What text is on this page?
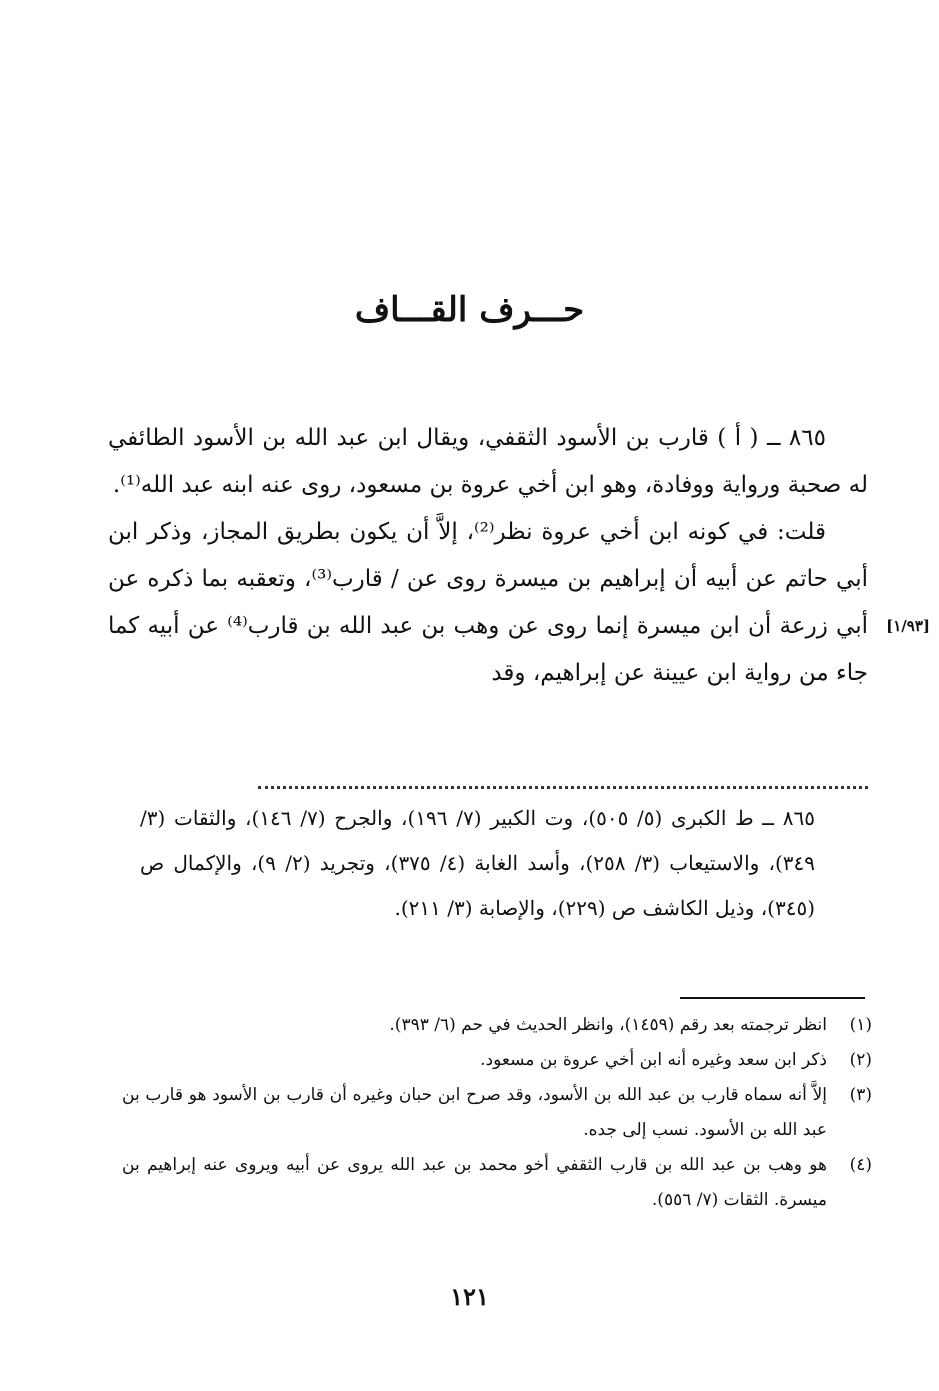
حـــرف القـــاف

٨٦٥ ــ ( أ ) قارب بن الأسود الثقفي، ويقال ابن عبد الله بن الأسود الطائفي له صحبة ورواية ووفادة، وهو ابن أخي عروة بن مسعود، روى عنه ابنه عبد الله⁽¹⁾.

قلت: في كونه ابن أخي عروة نظر⁽²⁾، إلاَّ أن يكون بطريق المجاز، وذكر ابن أبي حاتم عن أبيه أن إبراهيم بن ميسرة روى عن / قارب⁽³⁾، وتعقبه بما ذكره عن أبي زرعة أن ابن ميسرة إنما روى عن وهب بن عبد الله بن قارب⁽⁴⁾ عن أبيه كما جاء من رواية ابن عيينة عن إبراهيم، وقد

[١/٩٣]
٨٦٥ ــ ط الكبرى (٥/ ٥٠٥)، وت الكبير (٧/ ١٩٦)، والجرح (٧/ ١٤٦)، والثقات (٣/ ٣٤٩)، والاستيعاب (٣/ ٢٥٨)، وأسد الغابة (٤/ ٣٧٥)، وتجريد (٢/ ٩)، والإكمال ص (٣٤٥)، وذيل الكاشف ص (٢٢٩)، والإصابة (٣/ ٢١١).
(١)
انظر ترجمته بعد رقم (١٤٥٩)، وانظر الحديث في حم (٦/ ٣٩٣).
(٢)
ذكر ابن سعد وغيره أنه ابن أخي عروة بن مسعود.
(٣)
إلاَّ أنه سماه قارب بن عبد الله بن الأسود، وقد صرح ابن حبان وغيره أن قارب بن الأسود هو قارب بن عبد الله بن الأسود. نسب إلى جده.
(٤)
هو وهب بن عبد الله بن قارب الثقفي أخو محمد بن عبد الله يروى عن أبيه ويروى عنه إبراهيم بن ميسرة. الثقات (٧/ ٥٥٦).
١٢١
